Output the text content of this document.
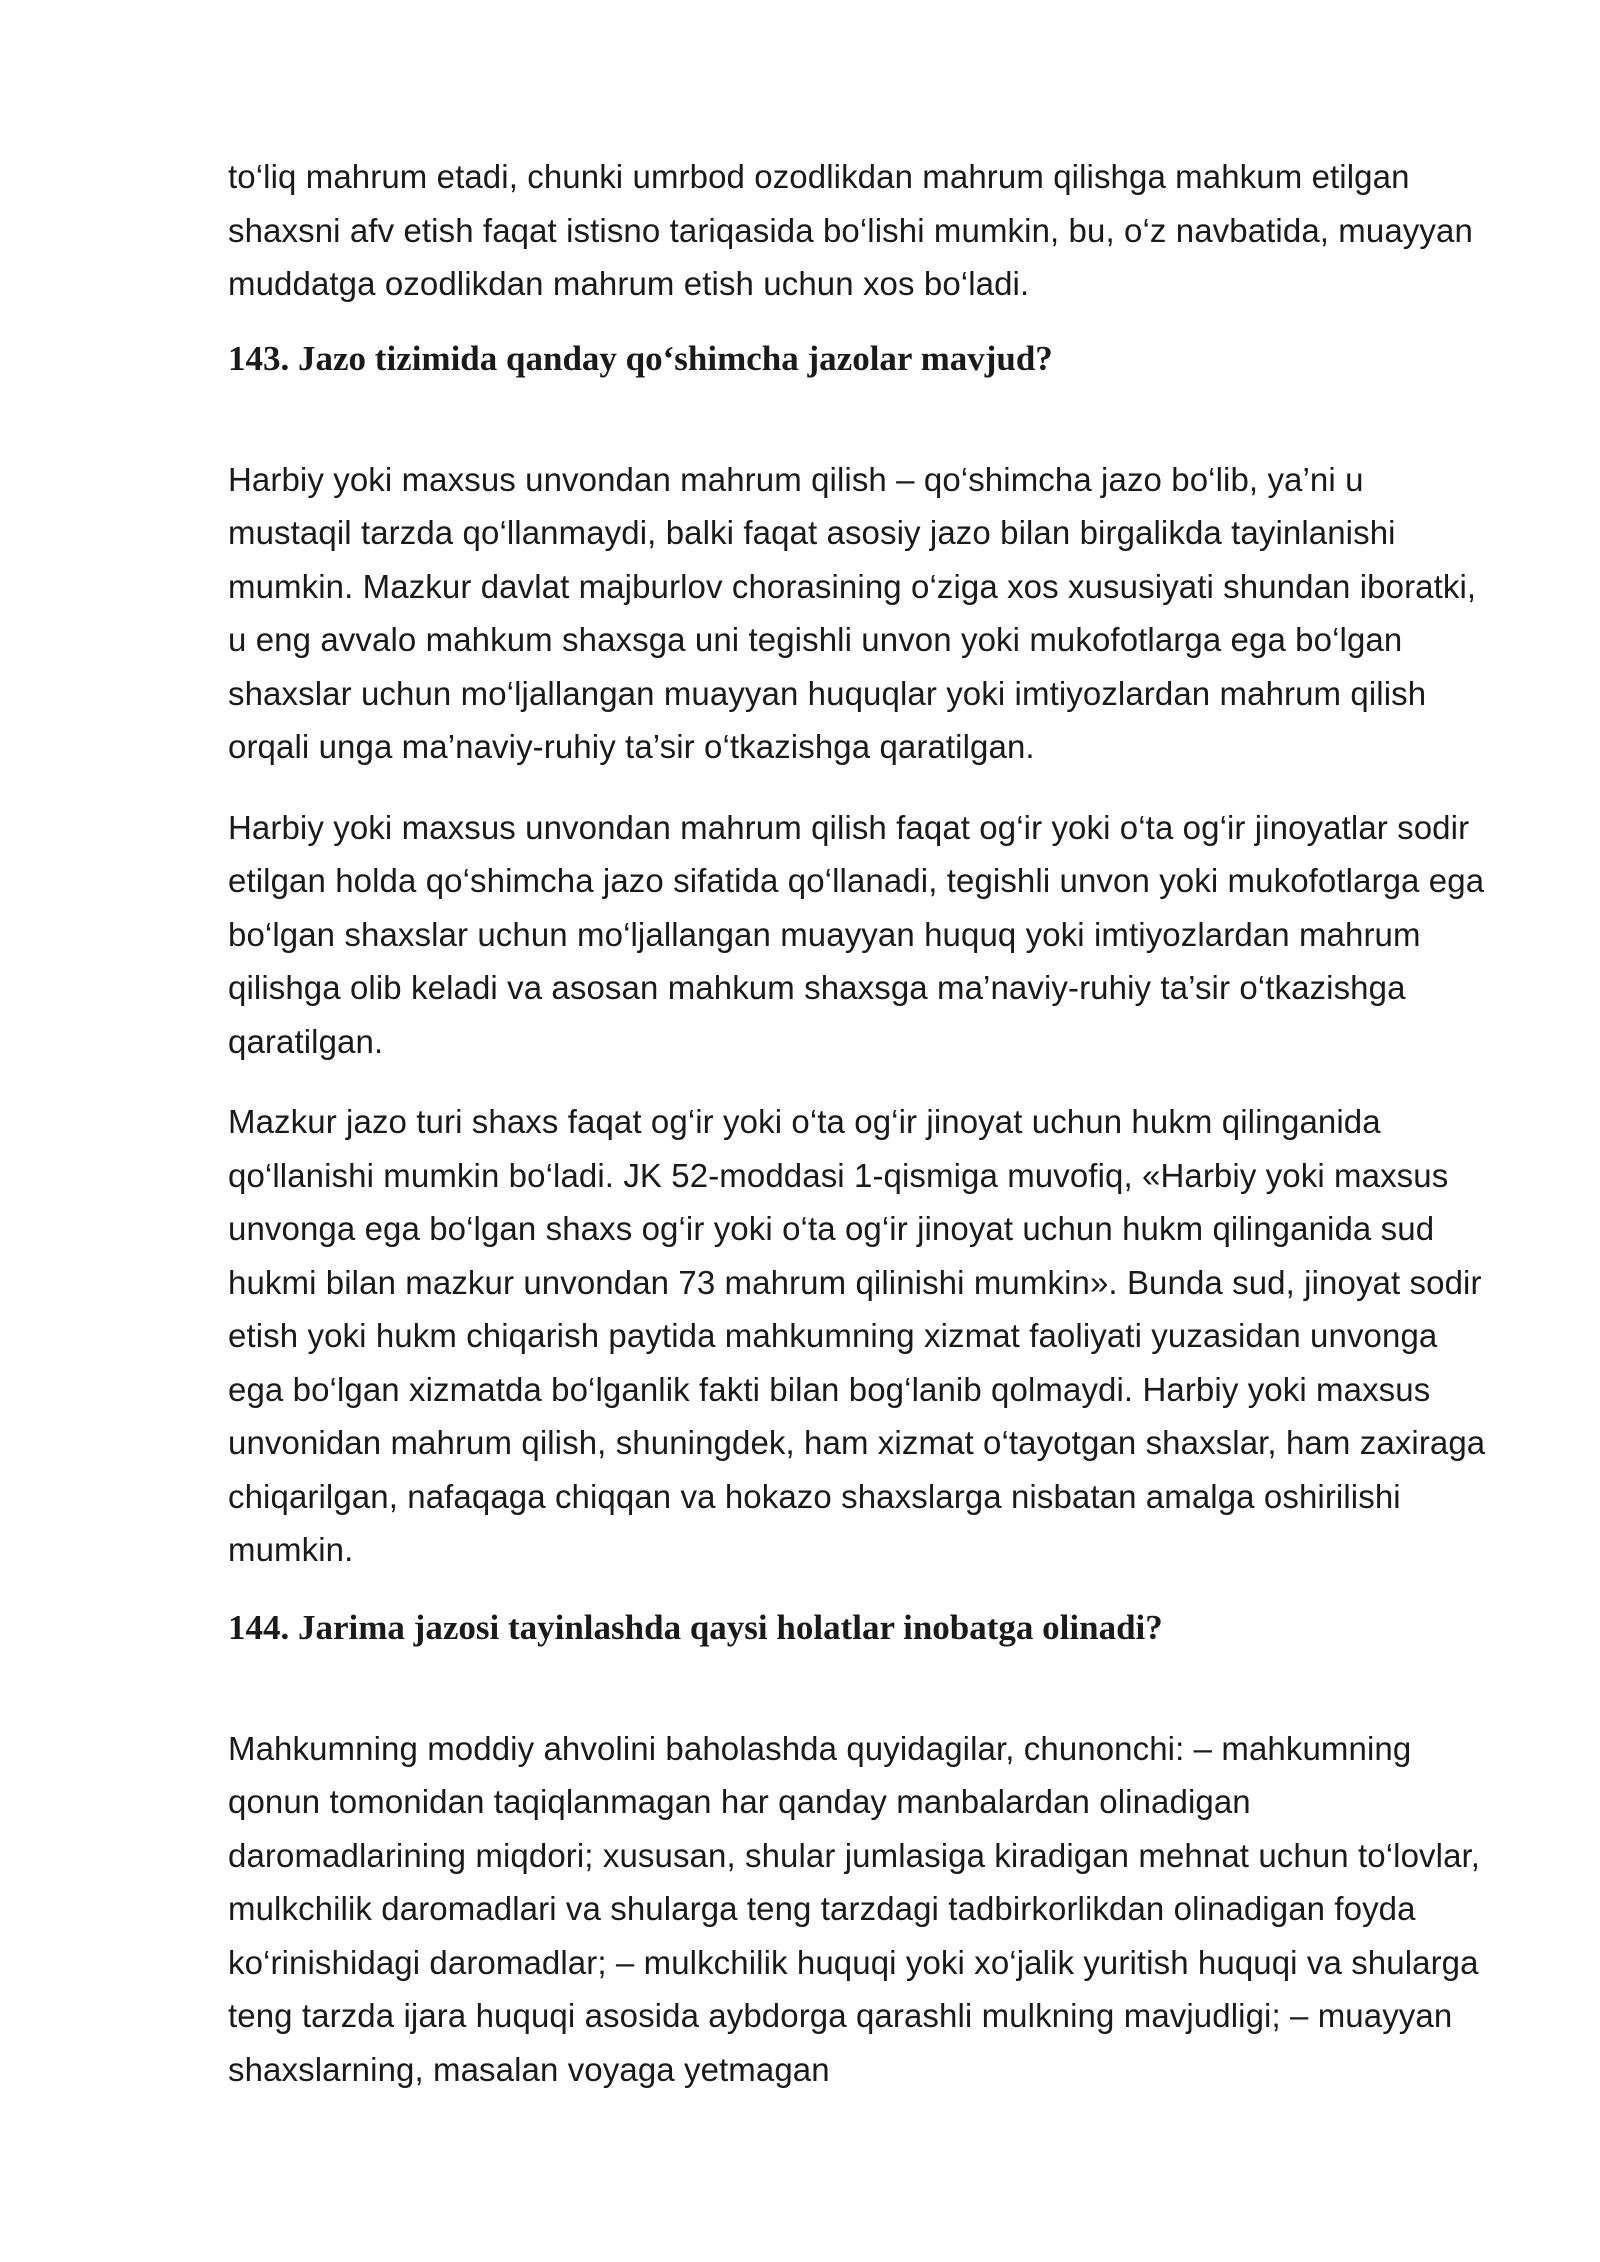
to‘liq mahrum etadi, chunki umrbod ozodlikdan mahrum qilishga mahkum etilgan shaxsni afv etish faqat istisno tariqasida bo‘lishi mumkin, bu, o‘z navbatida, muayyan muddatga ozodlikdan mahrum etish uchun xos bo‘ladi.

143. Jazo tizimida qanday qo‘shimcha jazolar mavjud?

Harbiy yoki maxsus unvondan mahrum qilish – qo‘shimcha jazo bo‘lib, ya’ni u mustaqil tarzda qo‘llanmaydi, balki faqat asosiy jazo bilan birgalikda tayinlanishi mumkin. Mazkur davlat majburlov chorasining o‘ziga xos xususiyati shundan iboratki, u eng avvalo mahkum shaxsga uni tegishli unvon yoki mukofotlarga ega bo‘lgan shaxslar uchun mo‘ljallangan muayyan huquqlar yoki imtiyozlardan mahrum qilish orqali unga ma’naviy-ruhiy ta’sir o‘tkazishga qaratilgan.

Harbiy yoki maxsus unvondan mahrum qilish faqat og‘ir yoki o‘ta og‘ir jinoyatlar sodir etilgan holda qo‘shimcha jazo sifatida qo‘llanadi, tegishli unvon yoki mukofotlarga ega bo‘lgan shaxslar uchun mo‘ljallangan muayyan huquq yoki imtiyozlardan mahrum qilishga olib keladi va asosan mahkum shaxsga ma’naviy-ruhiy ta’sir o‘tkazishga qaratilgan.

Mazkur jazo turi shaxs faqat og‘ir yoki o‘ta og‘ir jinoyat uchun hukm qilinganida qo‘llanishi mumkin bo‘ladi. JK 52-moddasi 1-qismiga muvofiq, «Harbiy yoki maxsus unvonga ega bo‘lgan shaxs og‘ir yoki o‘ta og‘ir jinoyat uchun hukm qilinganida sud hukmi bilan mazkur unvondan 73 mahrum qilinishi mumkin». Bunda sud, jinoyat sodir etish yoki hukm chiqarish paytida mahkumning xizmat faoliyati yuzasidan unvonga ega bo‘lgan xizmatda bo‘lganlik fakti bilan bog‘lanib qolmaydi. Harbiy yoki maxsus unvonidan mahrum qilish, shuningdek, ham xizmat o‘tayotgan shaxslar, ham zaxiraga chiqarilgan, nafaqaga chiqqan va hokazo shaxslarga nisbatan amalga oshirilishi mumkin.

144. Jarima jazosi tayinlashda qaysi holatlar inobatga olinadi?

Mahkumning moddiy ahvolini baholashda quyidagilar, chunonchi: – mahkumning qonun tomonidan taqiqlanmagan har qanday manbalardan olinadigan daromadlarining miqdori; xususan, shular jumlasiga kiradigan mehnat uchun to‘lovlar, mulkchilik daromadlari va shularga teng tarzdagi tadbirkorlikdan olinadigan foyda ko‘rinishidagi daromadlar; – mulkchilik huquqi yoki xo‘jalik yuritish huquqi va shularga teng tarzda ijara huquqi asosida aybdorga qarashli mulkning mavjudligi; – muayyan shaxslarning, masalan voyaga yetmagan
